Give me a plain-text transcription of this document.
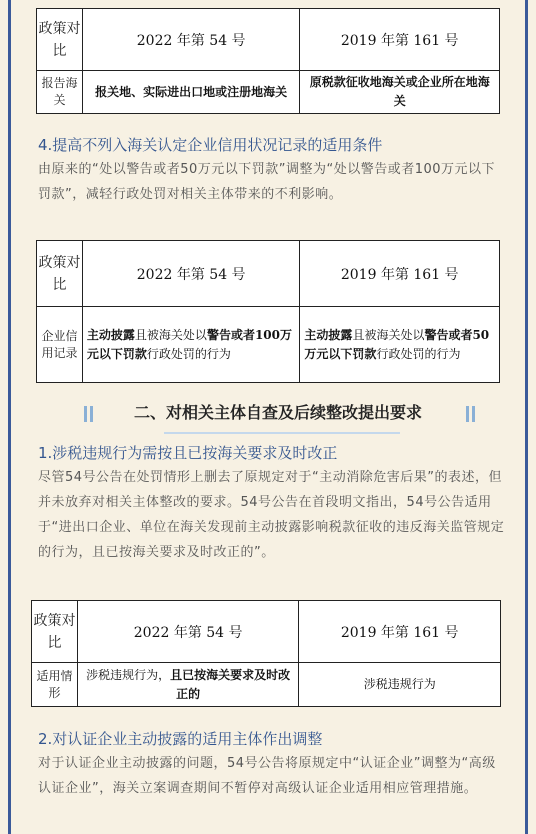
政策对比	2022 年第 54 号	2019 年第 161 号
报告海关	报关地、实际进出口地或注册地海关	原税款征收地海关或企业所在地海关
4.提高不列入海关认定企业信用状况记录的适用条件
由原来的“处以警告或者50万元以下罚款”调整为“处以警告或者100万元以下罚款”，减轻行政处罚对相关主体带来的不利影响。
政策对比	2022 年第 54 号	2019 年第 161 号
企业信用记录	主动披露且被海关处以警告或者100万元以下罚款行政处罚的行为	主动披露且被海关处以警告或者50万元以下罚款行政处罚的行为
二、对相关主体自查及后续整改提出要求
1.涉税违规行为需按且已按海关要求及时改正
尽管54号公告在处罚情形上删去了原规定对于“主动消除危害后果”的表述，但并未放弃对相关主体整改的要求。54号公告在首段明文指出，54号公告适用于“进出口企业、单位在海关发现前主动披露影响税款征收的违反海关监管规定的行为，且已按海关要求及时改正的”。
政策对比	2022 年第 54 号	2019 年第 161 号
适用情形	涉税违规行为，且已按海关要求及时改正的	涉税违规行为
2.对认证企业主动披露的适用主体作出调整
对于认证企业主动披露的问题，54号公告将原规定中“认证企业”调整为“高级认证企业”，海关立案调查期间不暂停对高级认证企业适用相应管理措施。
